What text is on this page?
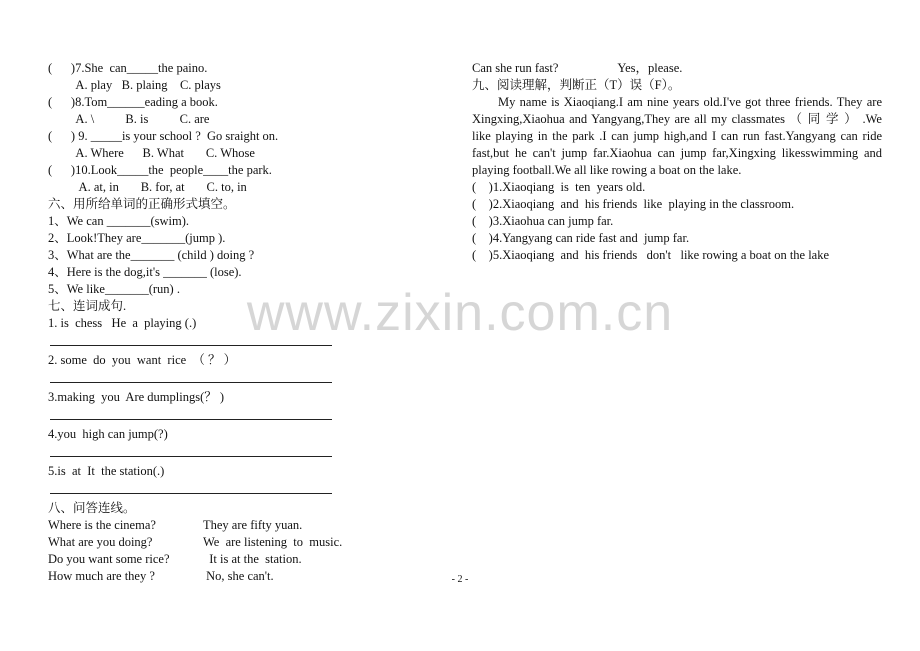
(      )7.She  can_____the paino.
A. play   B. plaing    C. plays
(      )8.Tom______eading a book.
A. \          B. is          C. are
(      ) 9. _____is your school ?  Go sraight on.
A. Where      B. What       C. Whose
(      )10.Look_____the  people____the park.
A. at, in       B. for, at       C. to, in
六、用所给单词的正确形式填空。
1、We can _______(swim).
2、Look!They are_______(jump ).
3、What are the_______ (child ) doing ?
4、Here is the dog,it's _______ (lose).
5、We like_______(run) .
七、连词成句.
1. is  chess   He  a  playing (.)
2. some  do  you  want  rice  （ ？ ）
3.making  you  Are dumplings(？ )
4.you  high can jump(?)
5.is  at  It  the station(.)
八、问答连线。
Where is the cinema?	They are fifty yuan.
What are you doing?	We  are listening  to  music.
Do you want some rice?	It is at the  station.
How much are they ?	No, she can't.
Can she run fast?                   Yes，please.
九、阅读理解，判断正（T）误（F）。
My name is Xiaoqiang.I am nine years old.I've got three friends. They are Xingxing,Xiaohua and Yangyang,They are all my classmates （ 同 学 ） .We like playing in the park .I can jump high,and I can run fast.Yangyang can ride fast,but he can't jump far.Xiaohua can jump far,Xingxing likesswimming and playing football.We all like rowing a boat on the lake.
(    )1.Xiaoqiang  is  ten  years old.
(    )2.Xiaoqiang  and  his friends  like  playing in the classroom.
(    )3.Xiaohua can jump far.
(    )4.Yangyang can ride fast and  jump far.
(    )5.Xiaoqiang  and  his friends   don't   like rowing a boat on the lake
www.zixin.com.cn
- 2 -
